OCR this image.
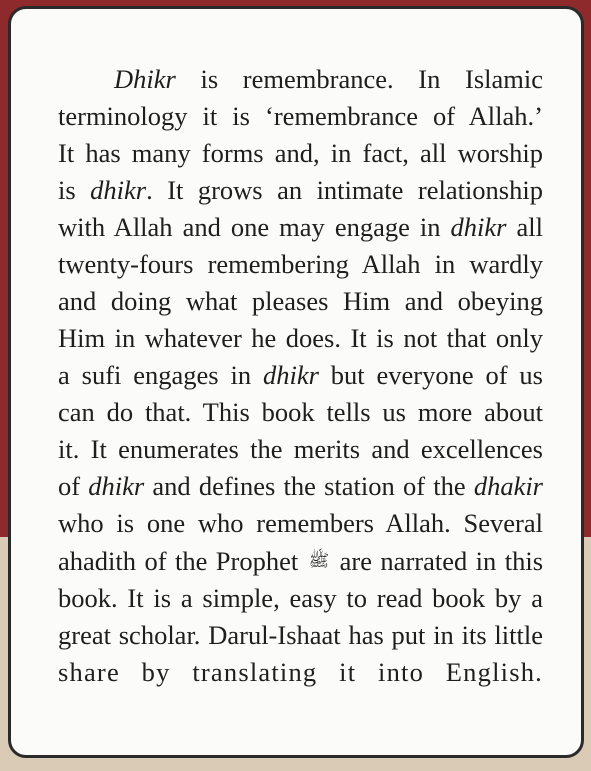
Dhikr is remembrance. In Islamic
terminology it is ‘remembrance of Allah.’
It has many forms and, in fact, all worship
is dhikr. It grows an intimate relationship
with Allah and one may engage in dhikr all
twenty-fours remembering Allah in wardly
and doing what pleases Him and obeying
Him in whatever he does. It is not that only
a sufi engages in dhikr but everyone of us
can do that. This book tells us more about
it. It enumerates the merits and excellences
of dhikr and defines the station of the dhakir
who is one who remembers Allah. Several
ahadith of the Prophet ﷺ are narrated in this
book. It is a simple, easy to read book by a
great scholar. Darul-Ishaat has put in its little
share by translating it into English.
